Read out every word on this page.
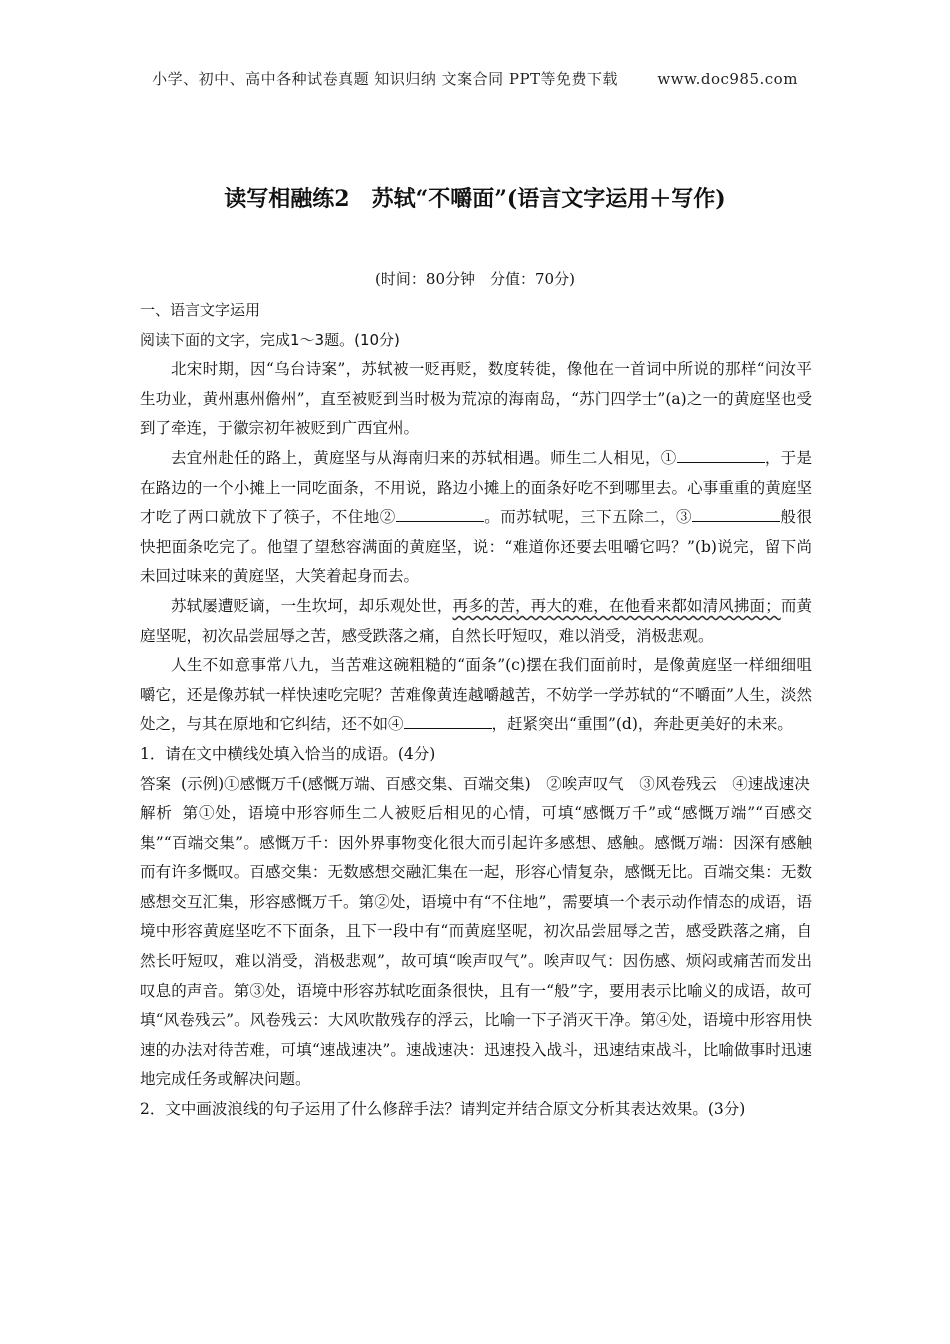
小学、初中、高中各种试卷真题 知识归纳 文案合同 PPT等免费下载	www.doc985.com
读写相融练2　苏轼“不嚼面”(语言文字运用＋写作)
(时间：80分钟　分值：70分)
一、语言文字运用
阅读下面的文字，完成1～3题。(10分)

北宋时期，因“乌台诗案”，苏轼被一贬再贬，数度转徙，像他在一首词中所说的那样“问汝平生功业，黄州惠州儋州”，直至被贬到当时极为荒凉的海南岛，“苏门四学士”(a)之一的黄庭坚也受到了牵连，于徽宗初年被贬到广西宜州。

去宜州赴任的路上，黄庭坚与从海南归来的苏轼相遇。师生二人相见，①	，于是在路边的一个小摊上一同吃面条，不用说，路边小摊上的面条好吃不到哪里去。心事重重的黄庭坚才吃了两口就放下了筷子，不住地②	。而苏轼呢，三下五除二，③	般很快把面条吃完了。他望了望愁容满面的黄庭坚，说：“难道你还要去咀嚼它吗？”(b)说完，留下尚未回过味来的黄庭坚，大笑着起身而去。

苏轼屡遭贬谪，一生坎坷，却乐观处世，再多的苦，再大的难，在他看来都如清风拂面；而黄庭坚呢，初次品尝屈辱之苦，感受跌落之痛，自然长吁短叹，难以消受，消极悲观。

人生不如意事常八九，当苦难这碗粗糙的“面条”(c)摆在我们面前时，是像黄庭坚一样细细咀嚼它，还是像苏轼一样快速吃完呢？苦难像黄连越嚼越苦，不妨学一学苏轼的“不嚼面”人生，淡然处之，与其在原地和它纠结，还不如④	，赶紧突出“重围”(d)，奔赴更美好的未来。

1．请在文中横线处填入恰当的成语。(4分)

答案 (示例)①感慨万千(感慨万端、百感交集、百端交集)　②唉声叹气　③风卷残云　④速战速决

解析 第①处，语境中形容师生二人被贬后相见的心情，可填“感慨万千”或“感慨万端”“百感交集”“百端交集”。感慨万千：因外界事物变化很大而引起许多感想、感触。感慨万端：因深有感触而有许多慨叹。百感交集：无数感想交融汇集在一起，形容心情复杂，感慨无比。百端交集：无数感想交互汇集，形容感慨万千。第②处，语境中有“不住地”，需要填一个表示动作情态的成语，语境中形容黄庭坚吃不下面条，且下一段中有“而黄庭坚呢，初次品尝屈辱之苦，感受跌落之痛，自然长吁短叹，难以消受，消极悲观”，故可填“唉声叹气”。唉声叹气：因伤感、烦闷或痛苦而发出叹息的声音。第③处，语境中形容苏轼吃面条很快，且有一“般”字，要用表示比喻义的成语，故可填“风卷残云”。风卷残云：大风吹散残存的浮云，比喻一下子消灭干净。第④处，语境中形容用快速的办法对待苦难，可填“速战速决”。速战速决：迅速投入战斗，迅速结束战斗，比喻做事时迅速地完成任务或解决问题。

2．文中画波浪线的句子运用了什么修辞手法？请判定并结合原文分析其表达效果。(3分)
